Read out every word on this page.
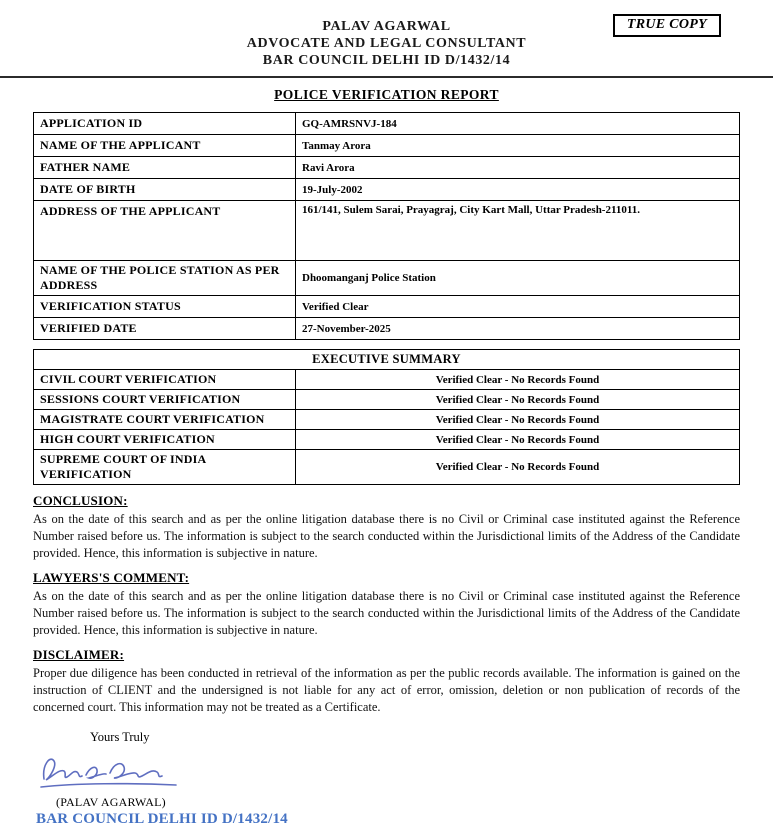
PALAV AGARWAL
ADVOCATE AND LEGAL CONSULTANT
BAR COUNCIL DELHI ID D/1432/14
TRUE COPY
POLICE VERIFICATION REPORT
APPLICATION ID	GQ-AMRSNVJ-184
NAME OF THE APPLICANT	Tanmay Arora
FATHER NAME	Ravi Arora
DATE OF BIRTH	19-July-2002
ADDRESS OF THE APPLICANT	161/141, Sulem Sarai, Prayagraj, City Kart Mall, Uttar Pradesh-211011.
NAME OF THE POLICE STATION AS PER ADDRESS	Dhoomanganj Police Station
VERIFICATION STATUS	Verified Clear
VERIFIED DATE	27-November-2025
EXECUTIVE SUMMARY	
CIVIL COURT VERIFICATION	Verified Clear - No Records Found
SESSIONS COURT VERIFICATION	Verified Clear - No Records Found
MAGISTRATE COURT VERIFICATION	Verified Clear - No Records Found
HIGH COURT VERIFICATION	Verified Clear - No Records Found
SUPREME COURT OF INDIA VERIFICATION	Verified Clear - No Records Found
CONCLUSION:
As on the date of this search and as per the online litigation database there is no Civil or Criminal case instituted against the Reference Number raised before us. The information is subject to the search conducted within the Jurisdictional limits of the Address of the Candidate provided. Hence, this information is subjective in nature.
LAWYERS'S COMMENT:
As on the date of this search and as per the online litigation database there is no Civil or Criminal case instituted against the Reference Number raised before us. The information is subject to the search conducted within the Jurisdictional limits of the Address of the Candidate provided. Hence, this information is subjective in nature.
DISCLAIMER:
Proper due diligence has been conducted in retrieval of the information as per the public records available. The information is gained on the instruction of CLIENT and the undersigned is not liable for any act of error, omission, deletion or non publication of records of the concerned court. This information may not be treated as a Certificate.
Yours Truly
(PALAV AGARWAL)
BAR COUNCIL DELHI ID D/1432/14
